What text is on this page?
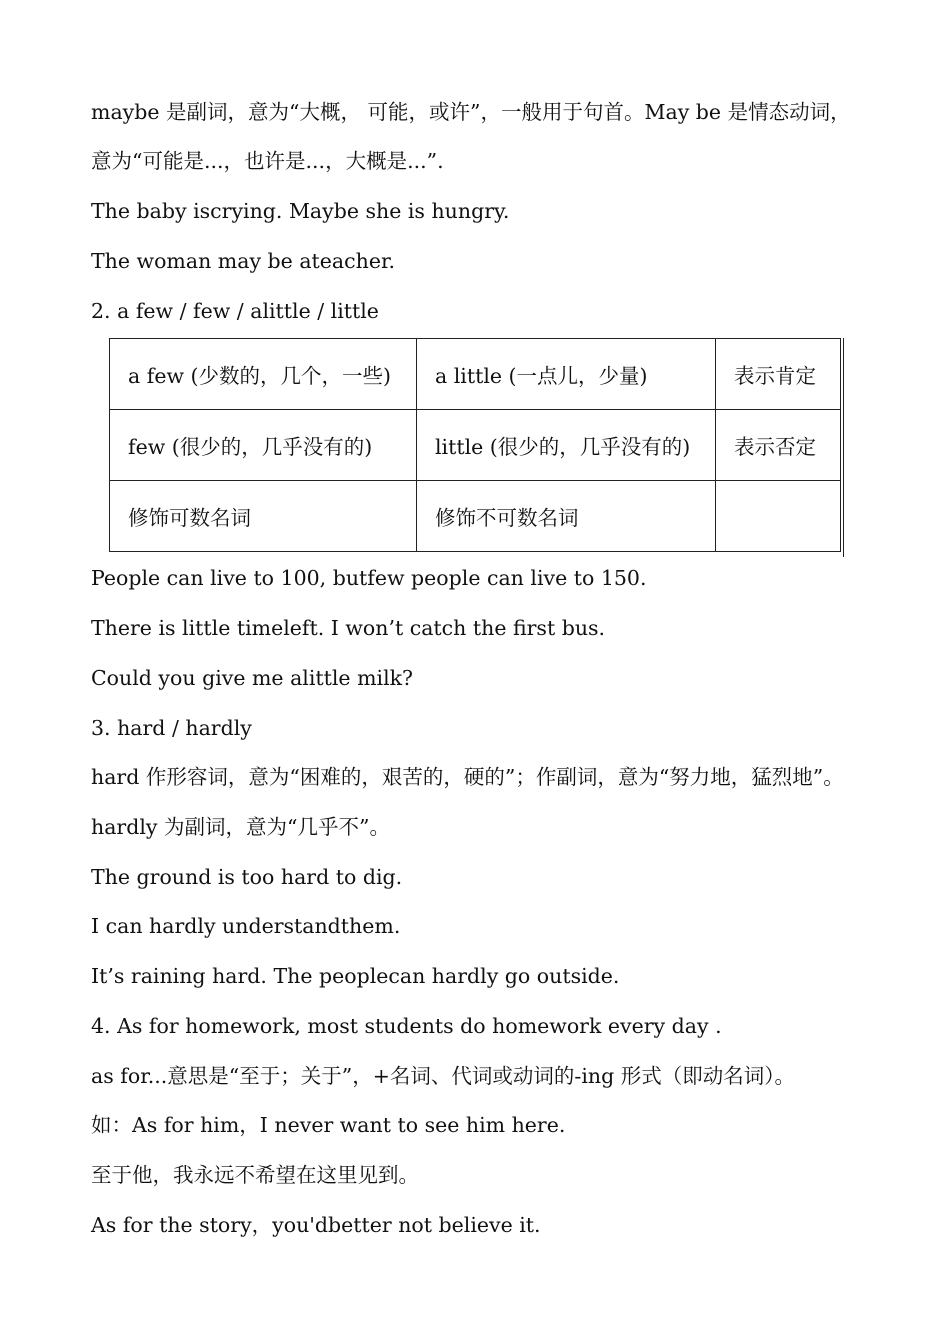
maybe 是副词，意为“大概， 可能，或许”，一般用于句首。May be 是情态动词，
意为“可能是...，也许是...，大概是...”.
The baby iscrying. Maybe she is hungry.
The woman may be ateacher.
2. a few / few / alittle / little
a few (少数的，几个，一些)	a little (一点儿，少量)	表示肯定
few (很少的，几乎没有的)	little (很少的，几乎没有的)	表示否定
修饰可数名词	修饰不可数名词	
People can live to 100, butfew people can live to 150.
There is little timeleft. I won’t catch the first bus.
Could you give me alittle milk?
3. hard / hardly
hard 作形容词，意为“困难的，艰苦的，硬的”；作副词，意为“努力地，猛烈地”。
hardly 为副词，意为“几乎不”。
The ground is too hard to dig.
I can hardly understandthem.
It’s raining hard. The peoplecan hardly go outside.
4. As for homework, most students do homework every day .
as for...意思是“至于；关于”，+名词、代词或动词的-ing 形式（即动名词）。
如：As for him，I never want to see him here.
至于他，我永远不希望在这里见到。
As for the story，you'dbetter not believe it.
